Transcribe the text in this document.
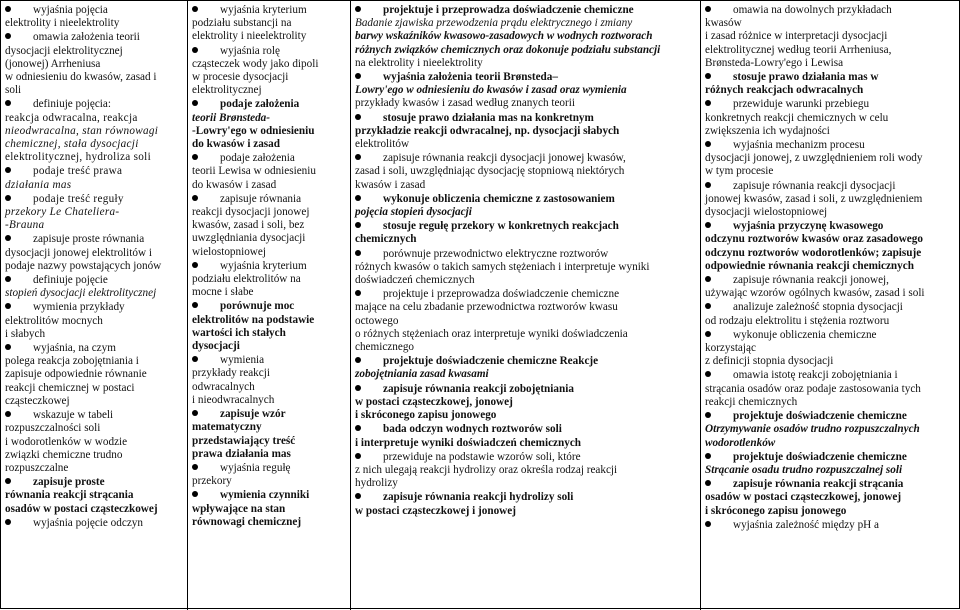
wyjaśnia pojęcia
elektrolity i nieelektrolity
omawia założenia teorii
dysocjacji elektrolitycznej
(jonowej) Arrheniusa
w odniesieniu do kwasów, zasad i
soli
definiuje pojęcia:
reakcja odwracalna, reakcja
nieodwracalna, stan równowagi
chemicznej, stała dysocjacji
elektrolitycznej, hydroliza soli
podaje treść prawa
działania mas
podaje treść reguły
przekory Le Chateliera-
-Brauna
zapisuje proste równania
dysocjacji jonowej elektrolitów i
podaje nazwy powstających jonów
definiuje pojęcie
stopień dysocjacji elektrolitycznej
wymienia przykłady
elektrolitów mocnych
i słabych
wyjaśnia, na czym
polega reakcja zobojętniania i
zapisuje odpowiednie równanie
reakcji chemicznej w postaci
cząsteczkowej
wskazuje w tabeli
rozpuszczalności soli
i wodorotlenków w wodzie
związki chemiczne trudno
rozpuszczalne
zapisuje proste
równania reakcji strącania
osadów w postaci cząsteczkowej
wyjaśnia pojęcie odczyn
wyjaśnia kryterium
podziału substancji na
elektrolity i nieelektrolity
wyjaśnia rolę
cząsteczek wody jako dipoli
w procesie dysocjacji
elektrolitycznej
podaje założenia
teorii Brønsteda-
-Lowry'ego w odniesieniu
do kwasów i zasad
podaje założenia
teorii Lewisa w odniesieniu
do kwasów i zasad
zapisuje równania
reakcji dysocjacji jonowej
kwasów, zasad i soli, bez
uwzględniania dysocjacji
wielostopniowej
wyjaśnia kryterium
podziału elektrolitów na
mocne i słabe
porównuje moc
elektrolitów na podstawie
wartości ich stałych
dysocjacji
wymienia
przykłady reakcji
odwracalnych
i nieodwracalnych
zapisuje wzór
matematyczny
przedstawiający treść
prawa działania mas
wyjaśnia regułę
przekory
wymienia czynniki
wpływające na stan
równowagi chemicznej
projektuje i przeprowadza doświadczenie chemiczne
Badanie zjawiska przewodzenia prądu elektrycznego i zmiany
barwy wskaźników kwasowo-zasadowych w wodnych roztworach
różnych związków chemicznych oraz dokonuje podziału substancji
na elektrolity i nieelektrolity
wyjaśnia założenia teorii Brønsteda–
Lowry'ego w odniesieniu do kwasów i zasad oraz wymienia
przykłady kwasów i zasad według znanych teorii
stosuje prawo działania mas na konkretnym
przykładzie reakcji odwracalnej, np. dysocjacji słabych
elektrolitów
zapisuje równania reakcji dysocjacji jonowej kwasów,
zasad i soli, uwzględniając dysocjację stopniową niektórych
kwasów i zasad
wykonuje obliczenia chemiczne z zastosowaniem
pojęcia stopień dysocjacji
stosuje regułę przekory w konkretnych reakcjach
chemicznych
porównuje przewodnictwo elektryczne roztworów
różnych kwasów o takich samych stężeniach i interpretuje wyniki
doświadczeń chemicznych
projektuje i przeprowadza doświadczenie chemiczne
mające na celu zbadanie przewodnictwa roztworów kwasu
octowego
o różnych stężeniach oraz interpretuje wyniki doświadczenia
chemicznego
projektuje doświadczenie chemiczne Reakcje
zobojętniania zasad kwasami
zapisuje równania reakcji zobojętniania
w postaci cząsteczkowej, jonowej
i skróconego zapisu jonowego
bada odczyn wodnych roztworów soli
i interpretuje wyniki doświadczeń chemicznych
przewiduje na podstawie wzorów soli, które
z nich ulegają reakcji hydrolizy oraz określa rodzaj reakcji
hydrolizy
zapisuje równania reakcji hydrolizy soli
w postaci cząsteczkowej i jonowej
omawia na dowolnych przykładach
kwasów
i zasad różnice w interpretacji dysocjacji
elektrolitycznej według teorii Arrheniusa,
Brønsteda-Lowry'ego i Lewisa
stosuje prawo działania mas w
różnych reakcjach odwracalnych
przewiduje warunki przebiegu
konkretnych reakcji chemicznych w celu
zwiększenia ich wydajności
wyjaśnia mechanizm procesu
dysocjacji jonowej, z uwzględnieniem roli wody
w tym procesie
zapisuje równania reakcji dysocjacji
jonowej kwasów, zasad i soli, z uwzględnieniem
dysocjacji wielostopniowej
wyjaśnia przyczynę kwasowego
odczynu roztworów kwasów oraz zasadowego
odczynu roztworów wodorotlenków; zapisuje
odpowiednie równania reakcji chemicznych
zapisuje równania reakcji jonowej,
używając wzorów ogólnych kwasów, zasad i soli
analizuje zależność stopnia dysocjacji
od rodzaju elektrolitu i stężenia roztworu
wykonuje obliczenia chemiczne
korzystając
z definicji stopnia dysocjacji
omawia istotę reakcji zobojętniania i
strącania osadów oraz podaje zastosowania tych
reakcji chemicznych
projektuje doświadczenie chemiczne
Otrzymywanie osadów trudno rozpuszczalnych
wodorotlenków
projektuje doświadczenie chemiczne
Strącanie osadu trudno rozpuszczalnej soli
zapisuje równania reakcji strącania
osadów w postaci cząsteczkowej, jonowej
i skróconego zapisu jonowego
wyjaśnia zależność między pH a
